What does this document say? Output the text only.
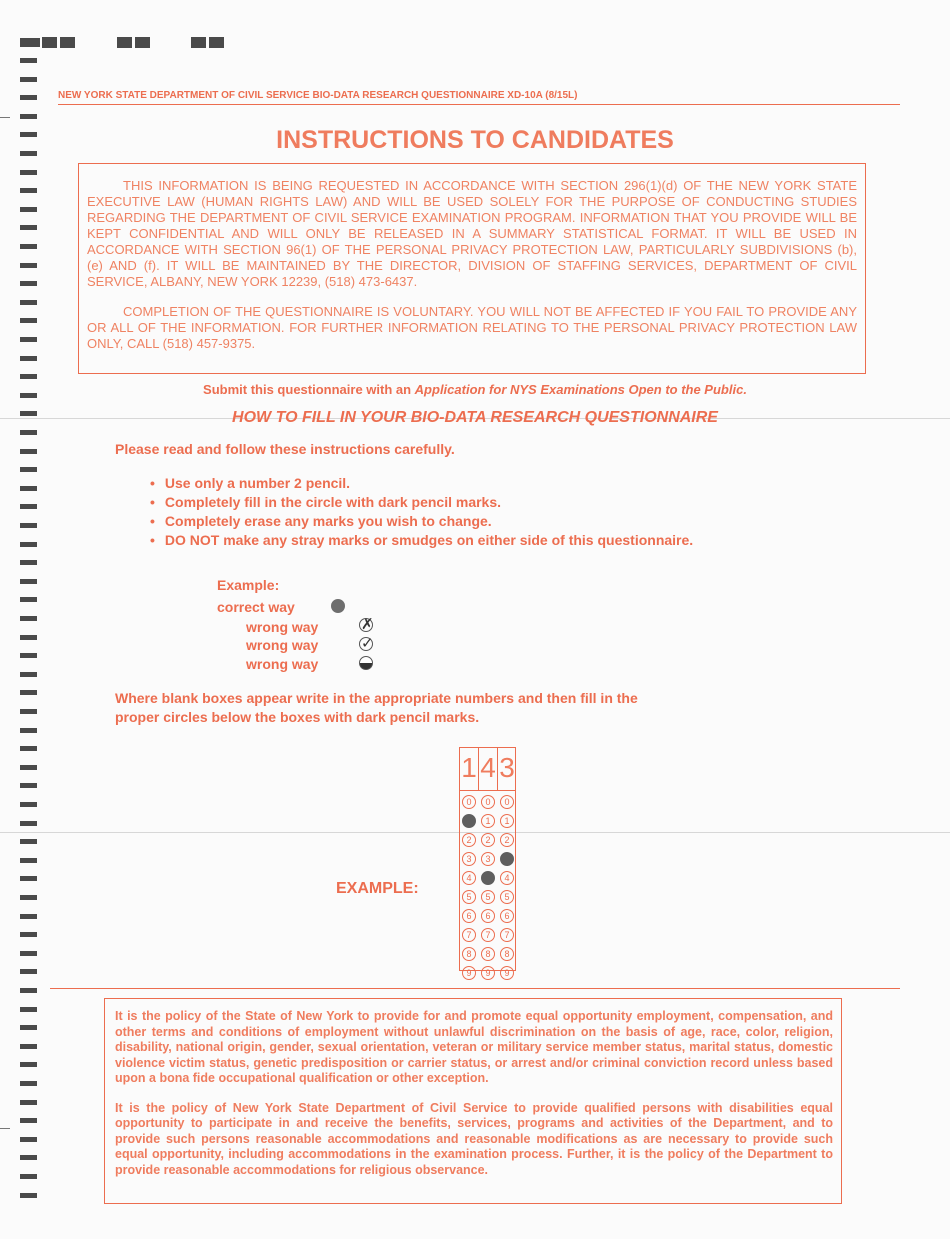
NEW YORK STATE DEPARTMENT OF CIVIL SERVICE BIO-DATA RESEARCH QUESTIONNAIRE XD-10A (8/15L)
INSTRUCTIONS TO CANDIDATES

THIS INFORMATION IS BEING REQUESTED IN ACCORDANCE WITH SECTION 296(1)(d) OF THE NEW YORK STATE EXECUTIVE LAW (HUMAN RIGHTS LAW) AND WILL BE USED SOLELY FOR THE PURPOSE OF CONDUCTING STUDIES REGARDING THE DEPARTMENT OF CIVIL SERVICE EXAMINATION PROGRAM. INFORMATION THAT YOU PROVIDE WILL BE KEPT CONFIDENTIAL AND WILL ONLY BE RELEASED IN A SUMMARY STATISTICAL FORMAT. IT WILL BE USED IN ACCORDANCE WITH SECTION 96(1) OF THE PERSONAL PRIVACY PROTECTION LAW, PARTICULARLY SUBDIVISIONS (b), (e) AND (f). IT WILL BE MAINTAINED BY THE DIRECTOR, DIVISION OF STAFFING SERVICES, DEPARTMENT OF CIVIL SERVICE, ALBANY, NEW YORK 12239, (518) 473-6437.

COMPLETION OF THE QUESTIONNAIRE IS VOLUNTARY. YOU WILL NOT BE AFFECTED IF YOU FAIL TO PROVIDE ANY OR ALL OF THE INFORMATION. FOR FURTHER INFORMATION RELATING TO THE PERSONAL PRIVACY PROTECTION LAW ONLY, CALL (518) 457-9375.

Submit this questionnaire with an Application for NYS Examinations Open to the Public.
HOW TO FILL IN YOUR BIO-DATA RESEARCH QUESTIONNAIRE
Please read and follow these instructions carefully.
• Use only a number 2 pencil.
• Completely fill in the circle with dark pencil marks.
• Completely erase any marks you wish to change.
• DO NOT make any stray marks or smudges on either side of this questionnaire.
Example:
correct way
wrong way	✗
wrong way	✓
wrong way
Where blank boxes appear write in the appropriate numbers and then fill in the proper circles below the boxes with dark pencil marks.
EXAMPLE:
1 4 3
0
2
3
4
5
6
7
8
9
0
1
2
3
5
6
7
8
9
0
1
2
4
5
6
7
8
9

It is the policy of the State of New York to provide for and promote equal opportunity employment, compensation, and other terms and conditions of employment without unlawful discrimination on the basis of age, race, color, religion, disability, national origin, gender, sexual orientation, veteran or military service member status, marital status, domestic violence victim status, genetic predisposition or carrier status, or arrest and/or criminal conviction record unless based upon a bona fide occupational qualification or other exception.

It is the policy of New York State Department of Civil Service to provide qualified persons with disabilities equal opportunity to participate in and receive the benefits, services, programs and activities of the Department, and to provide such persons reasonable accommodations and reasonable modifications as are necessary to provide such equal opportunity, including accommodations in the examination process. Further, it is the policy of the Department to provide reasonable accommodations for religious observance.
